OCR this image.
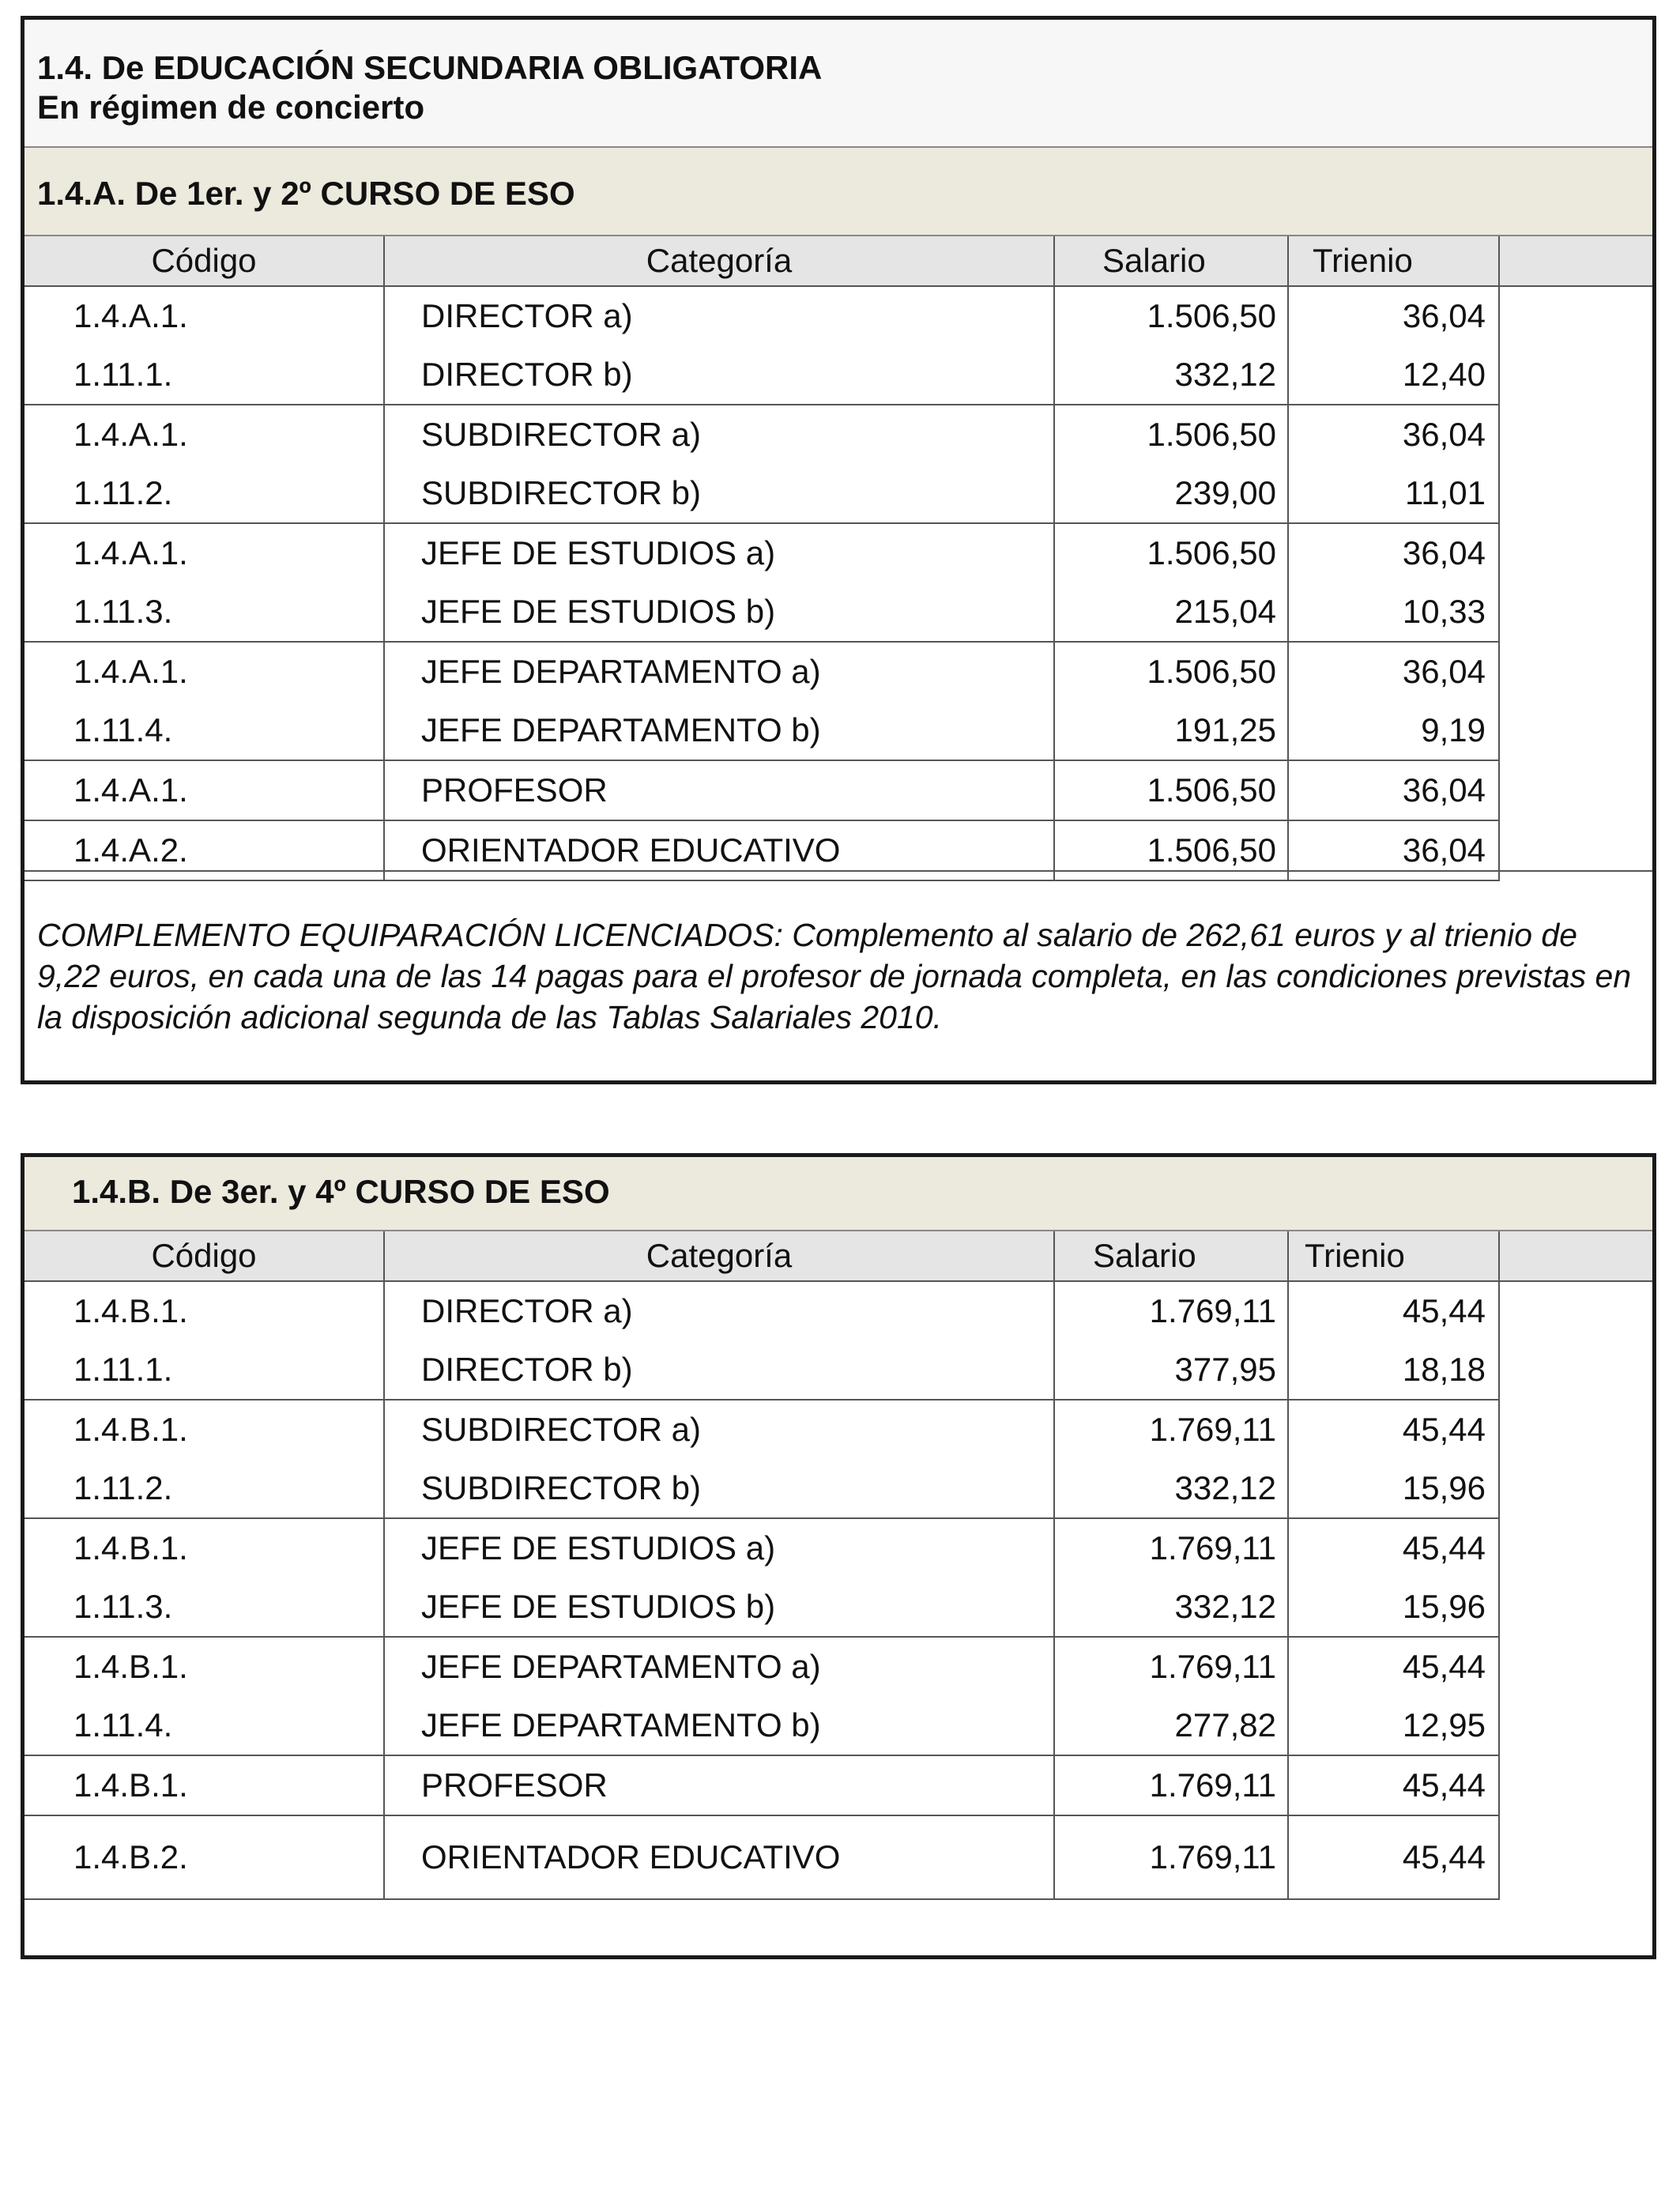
1.4. De EDUCACIÓN SECUNDARIA OBLIGATORIA
En régimen de concierto
1.4.A. De 1er. y 2º CURSO DE ESO
Código	Categoría	Salario	Trienio	
1.4.A.1.	DIRECTOR a)	1.506,50	36,04	
1.11.1.	DIRECTOR b)	332,12	12,40	
1.4.A.1.	SUBDIRECTOR a)	1.506,50	36,04	
1.11.2.	SUBDIRECTOR b)	239,00	11,01	
1.4.A.1.	JEFE DE ESTUDIOS a)	1.506,50	36,04	
1.11.3.	JEFE DE ESTUDIOS b)	215,04	10,33	
1.4.A.1.	JEFE DEPARTAMENTO a)	1.506,50	36,04	
1.11.4.	JEFE DEPARTAMENTO b)	191,25	9,19	
1.4.A.1.	PROFESOR	1.506,50	36,04	
1.4.A.2.	ORIENTADOR EDUCATIVO	1.506,50	36,04	
COMPLEMENTO EQUIPARACIÓN LICENCIADOS: Complemento al salario de 262,61 euros y al trienio de 9,22 euros, en cada una de las 14 pagas para el profesor de jornada completa, en las condiciones previstas en la disposición adicional segunda de las Tablas Salariales 2010.
1.4.B. De 3er. y 4º CURSO DE ESO
Código	Categoría	Salario	Trienio	
1.4.B.1.	DIRECTOR a)	1.769,11	45,44	
1.11.1.	DIRECTOR b)	377,95	18,18	
1.4.B.1.	SUBDIRECTOR a)	1.769,11	45,44	
1.11.2.	SUBDIRECTOR b)	332,12	15,96	
1.4.B.1.	JEFE DE ESTUDIOS a)	1.769,11	45,44	
1.11.3.	JEFE DE ESTUDIOS b)	332,12	15,96	
1.4.B.1.	JEFE DEPARTAMENTO a)	1.769,11	45,44	
1.11.4.	JEFE DEPARTAMENTO b)	277,82	12,95	
1.4.B.1.	PROFESOR	1.769,11	45,44	
1.4.B.2.	ORIENTADOR EDUCATIVO	1.769,11	45,44	
